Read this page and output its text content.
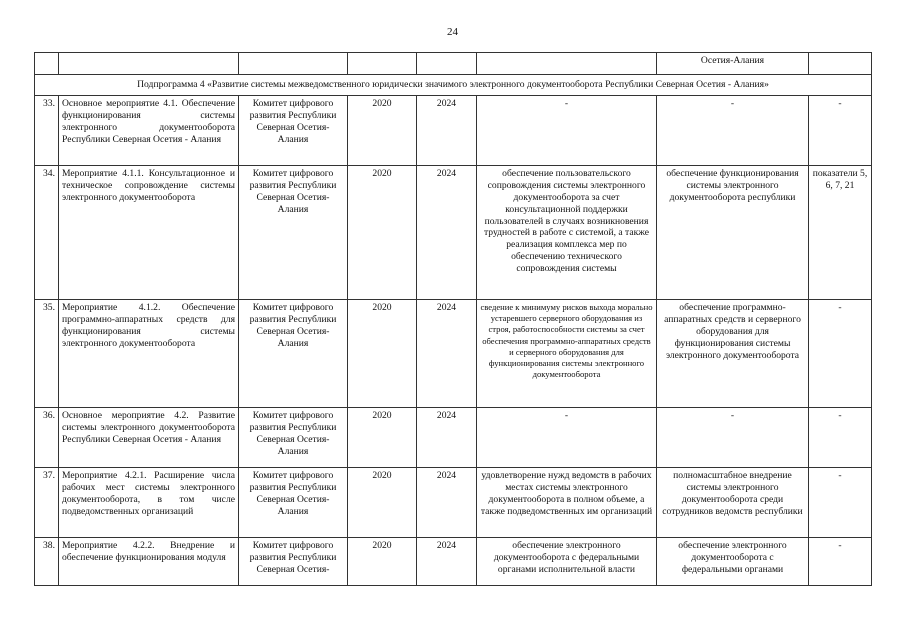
24
						Осетия-Алания	
Подпрограмма 4 «Развитие системы межведомственного юридически значимого электронного документооборота Республики Северная Осетия - Алания»							
33.	Основное мероприятие 4.1. Обеспечение функционирования системы электронного документооборота Республики Северная Осетия - Алания	Комитет цифрового развития Республики Северная Осетия-Алания	2020	2024	-	-	-
34.	Мероприятие 4.1.1. Консультационное и техническое сопровождение системы электронного документооборота	Комитет цифрового развития Республики Северная Осетия-Алания	2020	2024	обеспечение пользовательского сопровождения системы электронного документооборота за счет консультационной поддержки пользователей в случаях возникновения трудностей в работе с системой, а также реализация комплекса мер по обеспечению технического сопровождения системы	обеспечение функционирования системы электронного документооборота республики	показатели 5, 6, 7, 21
35.	Мероприятие 4.1.2. Обеспечение программно-аппаратных средств для функционирования системы электронного документооборота	Комитет цифрового развития Республики Северная Осетия-Алания	2020	2024	сведение к минимуму рисков выхода морально устаревшего серверного оборудования из строя, работоспособности системы за счет обеспечения программно-аппаратных средств и серверного оборудования для функционирования системы электронного документооборота	обеспечение программно-аппаратных средств и серверного оборудования для функционирования системы электронного документооборота	-
36.	Основное мероприятие 4.2. Развитие системы электронного документооборота Республики Северная Осетия - Алания	Комитет цифрового развития Республики Северная Осетия-Алания	2020	2024	-	-	-
37.	Мероприятие 4.2.1. Расширение числа рабочих мест системы электронного документооборота, в том числе подведомственных организаций	Комитет цифрового развития Республики Северная Осетия-Алания	2020	2024	удовлетворение нужд ведомств в рабочих местах системы электронного документооборота в полном объеме, а также подведомственных им организаций	полномасштабное внедрение системы электронного документооборота среди сотрудников ведомств республики	-
38.	Мероприятие 4.2.2. Внедрение и обеспечение функционирования модуля	Комитет цифрового развития Республики Северная Осетия-	2020	2024	обеспечение электронного документооборота с федеральными органами исполнительной власти	обеспечение электронного документооборота с федеральными органами	-
